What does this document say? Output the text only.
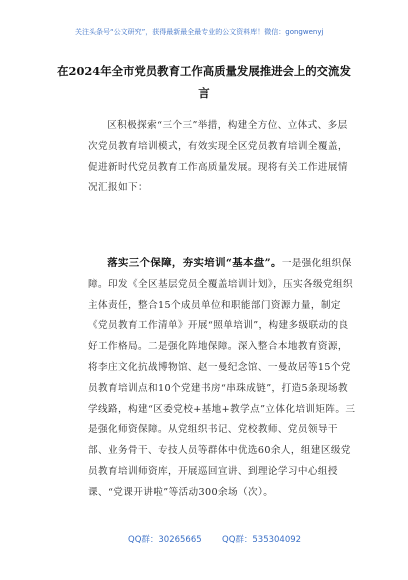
关注头条号“公文研究”，获得最新最全最专业的公文资料库！微信：gongwenyj
在2024年全市党员教育工作高质量发展推进会上的交流发言
区积极探索“三个三”举措，构建全方位、立体式、多层次党员教育培训模式，有效实现全区党员教育培训全覆盖，促进新时代党员教育工作高质量发展。现将有关工作进展情况汇报如下：
落实三个保障，夯实培训“基本盘”。一是强化组织保障。印发《全区基层党员全覆盖培训计划》，压实各级党组织主体责任，整合15个成员单位和职能部门资源力量，制定《党员教育工作清单》开展“照单培训”，构建多级联动的良好工作格局。二是强化阵地保障。深入整合本地教育资源，将李庄文化抗战博物馆、赵一曼纪念馆、一曼故居等15个党员教育培训点和10个党建书房“串珠成链”，打造5条现场教学线路，构建“区委党校+基地+教学点”立体化培训矩阵。三是强化师资保障。从党组织书记、党校教师、党员领导干部、业务骨干、专技人员等群体中优选60余人，组建区级党员教育培训师资库，开展巡回宣讲、到理论学习中心组授课、“党课开讲啦”等活动300余场（次）。
QQ群：30265665 QQ群：535304092
